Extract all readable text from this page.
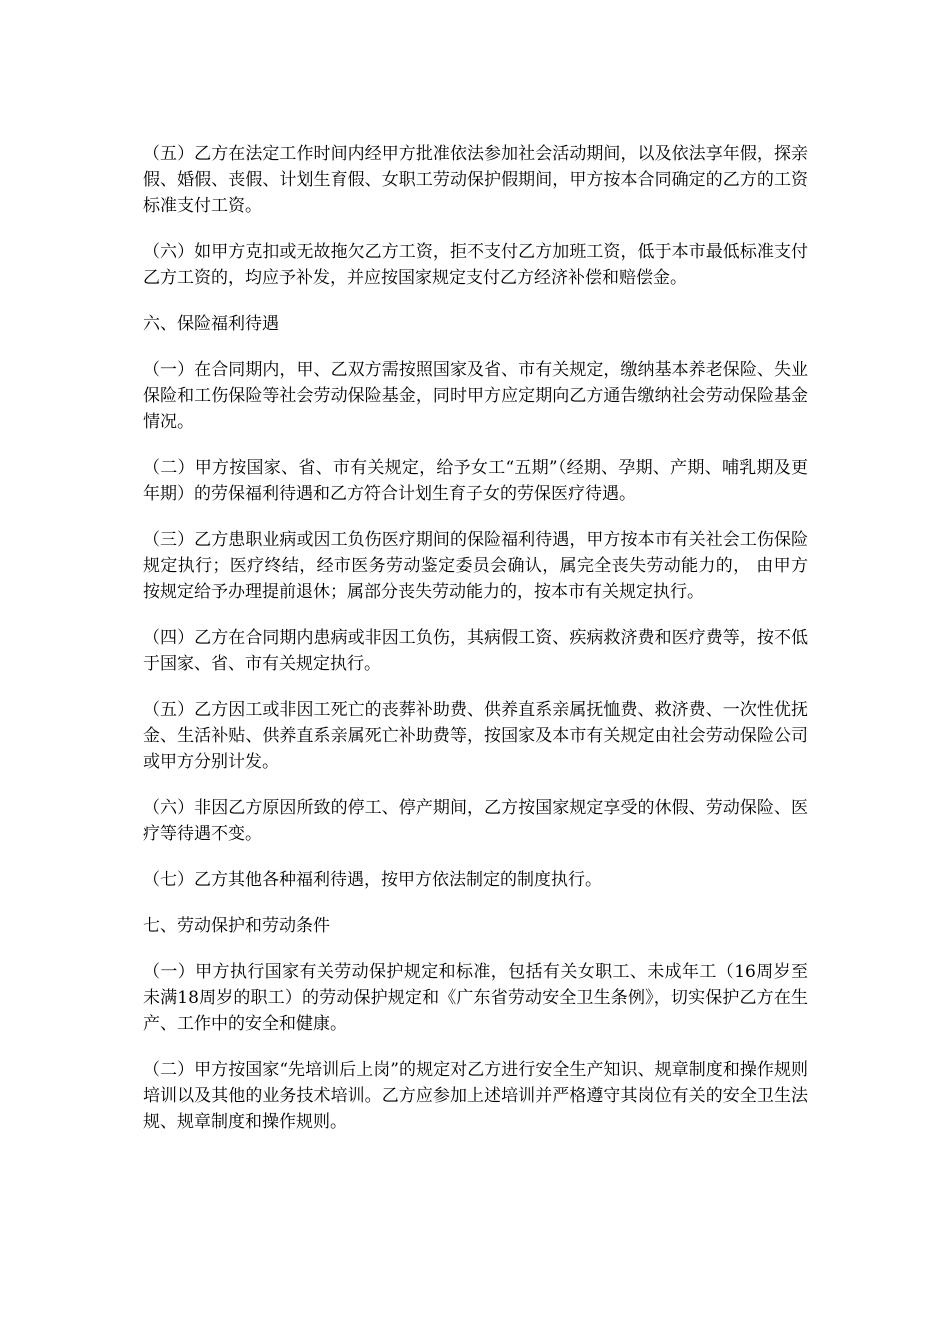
（五）乙方在法定工作时间内经甲方批准依法参加社会活动期间，以及依法享年假，探亲假、婚假、丧假、计划生育假、女职工劳动保护假期间，甲方按本合同确定的乙方的工资标准支付工资。

（六）如甲方克扣或无故拖欠乙方工资，拒不支付乙方加班工资，低于本市最低标准支付乙方工资的，均应予补发，并应按国家规定支付乙方经济补偿和赔偿金。

六、保险福利待遇

（一）在合同期内，甲、乙双方需按照国家及省、市有关规定，缴纳基本养老保险、失业保险和工伤保险等社会劳动保险基金，同时甲方应定期向乙方通告缴纳社会劳动保险基金情况。

（二）甲方按国家、省、市有关规定，给予女工“五期”（经期、孕期、产期、哺乳期及更年期）的劳保福利待遇和乙方符合计划生育子女的劳保医疗待遇。

（三）乙方患职业病或因工负伤医疗期间的保险福利待遇，甲方按本市有关社会工伤保险规定执行；医疗终结，经市医务劳动鉴定委员会确认，属完全丧失劳动能力的， 由甲方按规定给予办理提前退休；属部分丧失劳动能力的，按本市有关规定执行。

（四）乙方在合同期内患病或非因工负伤，其病假工资、疾病救济费和医疗费等，按不低于国家、省、市有关规定执行。

（五）乙方因工或非因工死亡的丧葬补助费、供养直系亲属抚恤费、救济费、一次性优抚金、生活补贴、供养直系亲属死亡补助费等，按国家及本市有关规定由社会劳动保险公司或甲方分别计发。

（六）非因乙方原因所致的停工、停产期间，乙方按国家规定享受的休假、劳动保险、医疗等待遇不变。

（七）乙方其他各种福利待遇，按甲方依法制定的制度执行。

七、劳动保护和劳动条件

（一）甲方执行国家有关劳动保护规定和标准，包括有关女职工、未成年工（16周岁至未满18周岁的职工）的劳动保护规定和《广东省劳动安全卫生条例》，切实保护乙方在生产、工作中的安全和健康。

（二）甲方按国家“先培训后上岗”的规定对乙方进行安全生产知识、规章制度和操作规则培训以及其他的业务技术培训。乙方应参加上述培训并严格遵守其岗位有关的安全卫生法规、规章制度和操作规则。
